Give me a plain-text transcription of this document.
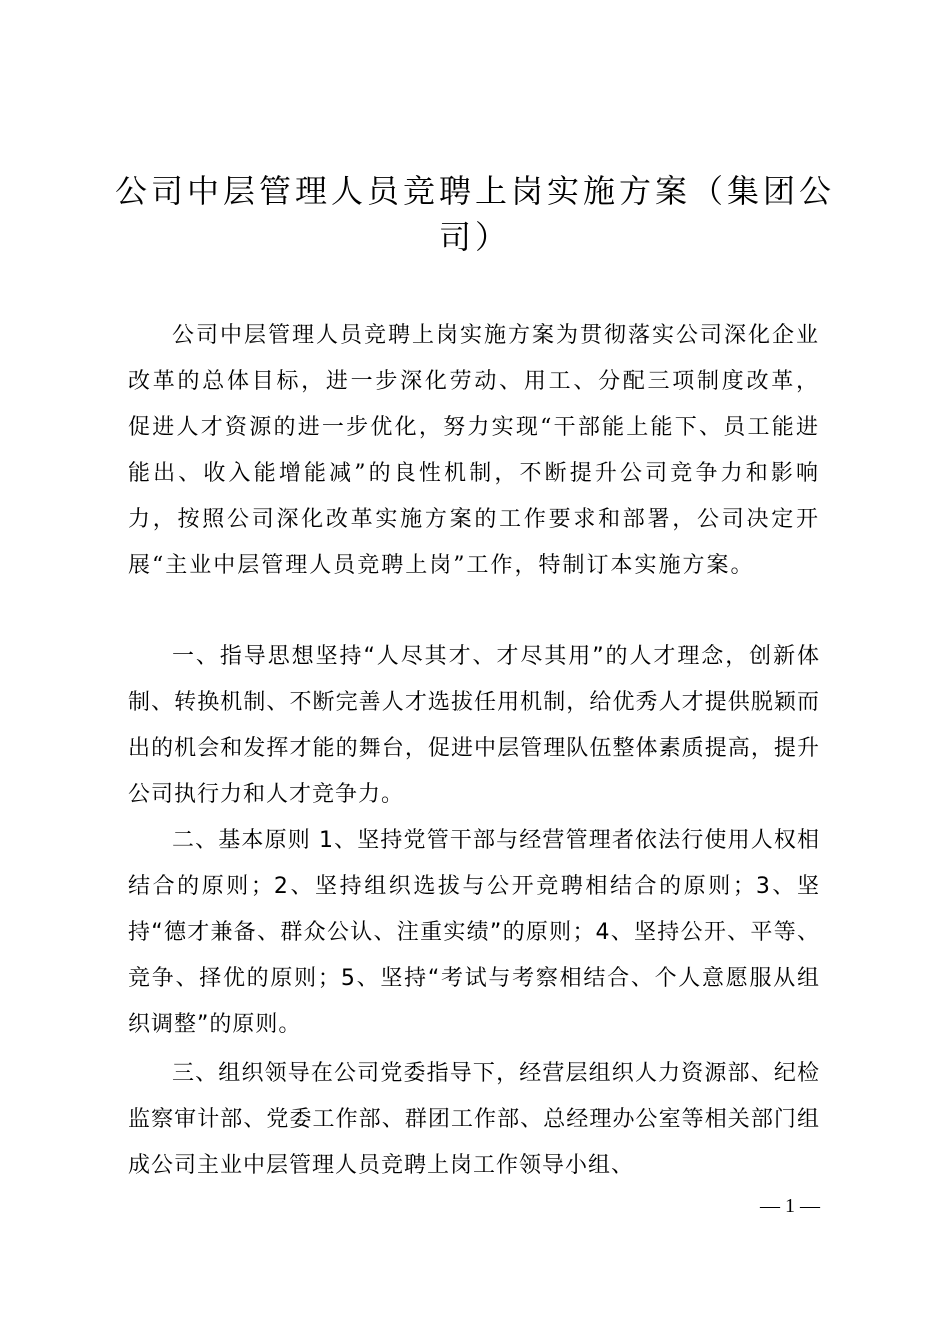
公司中层管理人员竞聘上岗实施方案（集团公司）

公司中层管理人员竞聘上岗实施方案为贯彻落实公司深化企业改革的总体目标，进一步深化劳动、用工、分配三项制度改革，促进人才资源的进一步优化，努力实现“干部能上能下、员工能进能出、收入能增能减”的良性机制，不断提升公司竞争力和影响力，按照公司深化改革实施方案的工作要求和部署，公司决定开展“主业中层管理人员竞聘上岗”工作，特制订本实施方案。

一、指导思想坚持“人尽其才、才尽其用”的人才理念，创新体制、转换机制、不断完善人才选拔任用机制，给优秀人才提供脱颖而出的机会和发挥才能的舞台，促进中层管理队伍整体素质提高，提升公司执行力和人才竞争力。

二、基本原则 1、坚持党管干部与经营管理者依法行使用人权相结合的原则；2、坚持组织选拔与公开竞聘相结合的原则；3、坚持“德才兼备、群众公认、注重实绩”的原则；4、坚持公开、平等、竞争、择优的原则；5、坚持“考试与考察相结合、个人意愿服从组织调整”的原则。

三、组织领导在公司党委指导下，经营层组织人力资源部、纪检监察审计部、党委工作部、群团工作部、总经理办公室等相关部门组成公司主业中层管理人员竞聘上岗工作领导小组、

— 1 —
